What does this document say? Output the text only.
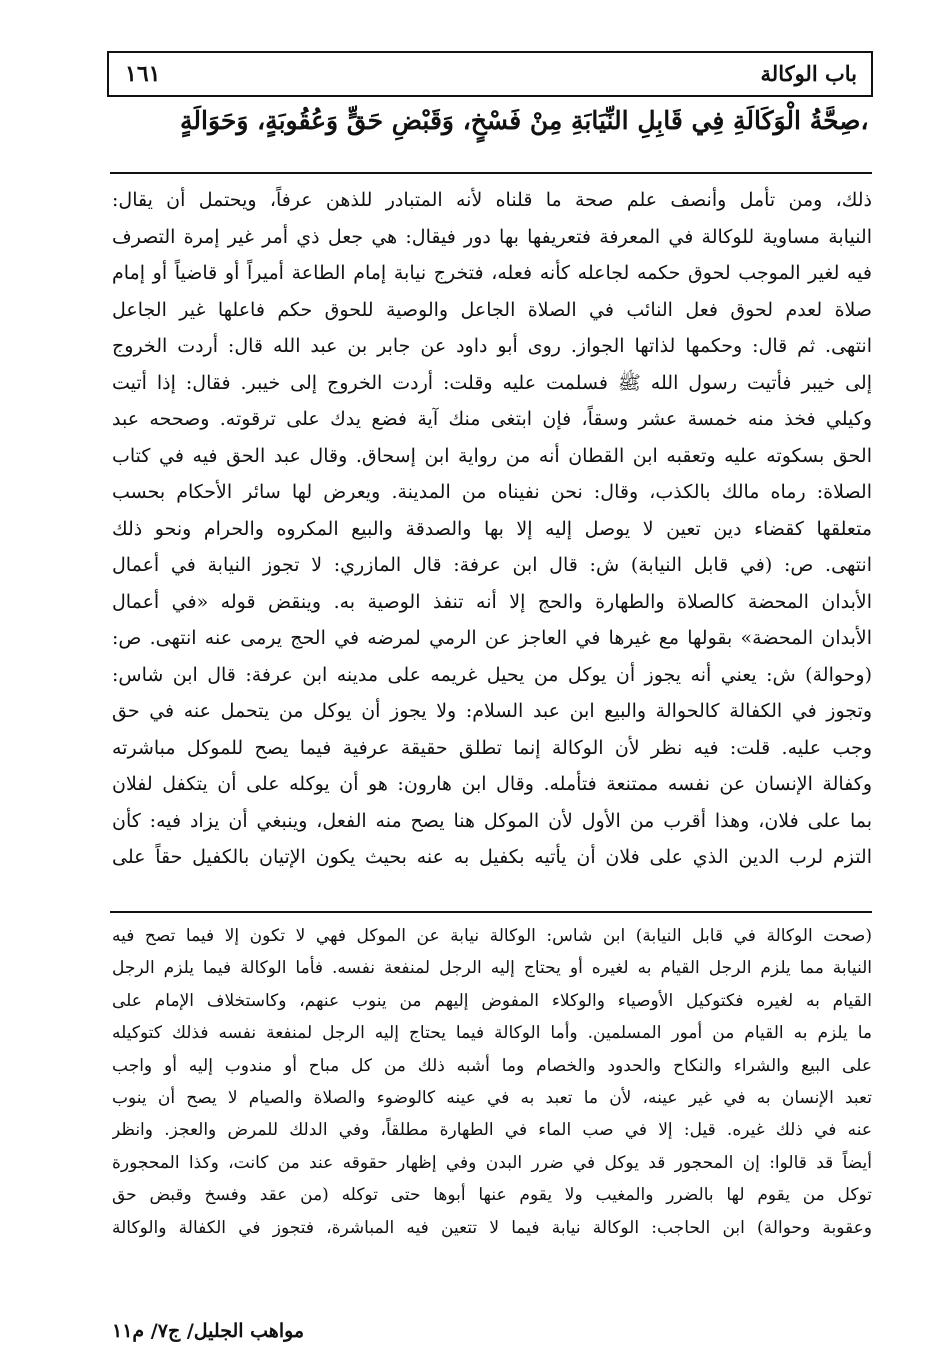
باب الوكالة
١٦١
صِحَّةُ الْوَكَالَةِ فِي قَابِلِ النِّيَابَةِ مِنْ فَسْخٍ، وَقَبْضِ حَقٍّ وَعُقُوبَةٍ، وَحَوَالَةٍ،
ذلك، ومن تأمل وأنصف علم صحة ما قلناه لأنه المتبادر للذهن عرفاً، ويحتمل أن يقال:
النيابة مساوية للوكالة في المعرفة فتعريفها بها دور فيقال: هي جعل ذي أمر غير إمرة التصرف
فيه لغير الموجب لحوق حكمه لجاعله كأنه فعله، فتخرج نيابة إمام الطاعة أميراً أو قاضياً أو إمام
صلاة لعدم لحوق فعل النائب في الصلاة الجاعل والوصية للحوق حكم فاعلها غير الجاعل
انتهى. ثم قال: وحكمها لذاتها الجواز. روى أبو داود عن جابر بن عبد الله قال: أردت الخروج
إلى خيبر فأتيت رسول الله ﷺ فسلمت عليه وقلت: أردت الخروج إلى خيبر. فقال: إذا أتيت
وكيلي فخذ منه خمسة عشر وسقاً، فإن ابتغى منك آية فضع يدك على ترقوته. وصححه عبد
الحق بسكوته عليه وتعقبه ابن القطان أنه من رواية ابن إسحاق. وقال عبد الحق فيه في كتاب
الصلاة: رماه مالك بالكذب، وقال: نحن نفيناه من المدينة. ويعرض لها سائر الأحكام بحسب
متعلقها كقضاء دين تعين لا يوصل إليه إلا بها والصدقة والبيع المكروه والحرام ونحو ذلك
انتهى. ص: (في قابل النيابة) ش: قال ابن عرفة: قال المازري: لا تجوز النيابة في أعمال
الأبدان المحضة كالصلاة والطهارة والحج إلا أنه تنفذ الوصية به. وينقض قوله «في أعمال
الأبدان المحضة» بقولها مع غيرها في العاجز عن الرمي لمرضه في الحج يرمى عنه انتهى. ص:
(وحوالة) ش: يعني أنه يجوز أن يوكل من يحيل غريمه على مدينه ابن عرفة: قال ابن شاس:
وتجوز في الكفالة كالحوالة والبيع ابن عبد السلام: ولا يجوز أن يوكل من يتحمل عنه في حق
وجب عليه. قلت: فيه نظر لأن الوكالة إنما تطلق حقيقة عرفية فيما يصح للموكل مباشرته
وكفالة الإنسان عن نفسه ممتنعة فتأمله. وقال ابن هارون: هو أن يوكله على أن يتكفل لفلان
بما على فلان، وهذا أقرب من الأول لأن الموكل هنا يصح منه الفعل، وينبغي أن يزاد فيه: كأن
التزم لرب الدين الذي على فلان أن يأتيه بكفيل به عنه بحيث يكون الإتيان بالكفيل حقاً على
(صحت الوكالة في قابل النيابة) ابن شاس: الوكالة نيابة عن الموكل فهي لا تكون إلا فيما تصح فيه
النيابة مما يلزم الرجل القيام به لغيره أو يحتاج إليه الرجل لمنفعة نفسه. فأما الوكالة فيما يلزم الرجل
القيام به لغيره فكتوكيل الأوصياء والوكلاء المفوض إليهم من ينوب عنهم، وكاستخلاف الإمام على
ما يلزم به القيام من أمور المسلمين. وأما الوكالة فيما يحتاج إليه الرجل لمنفعة نفسه فذلك كتوكيله
على البيع والشراء والنكاح والحدود والخصام وما أشبه ذلك من كل مباح أو مندوب إليه أو واجب
تعبد الإنسان به في غير عينه، لأن ما تعبد به في عينه كالوضوء والصلاة والصيام لا يصح أن ينوب
عنه في ذلك غيره. قيل: إلا في صب الماء في الطهارة مطلقاً، وفي الدلك للمرض والعجز. وانظر
أيضاً قد قالوا: إن المحجور قد يوكل في ضرر البدن وفي إظهار حقوقه عند من كانت، وكذا المحجورة
توكل من يقوم لها بالضرر والمغيب ولا يقوم عنها أبوها حتى توكله (من عقد وفسخ وقبض حق
وعقوبة وحوالة) ابن الحاجب: الوكالة نيابة فيما لا تتعين فيه المباشرة، فتجوز في الكفالة والوكالة
مواهب الجليل/ ج٧/ م١١
